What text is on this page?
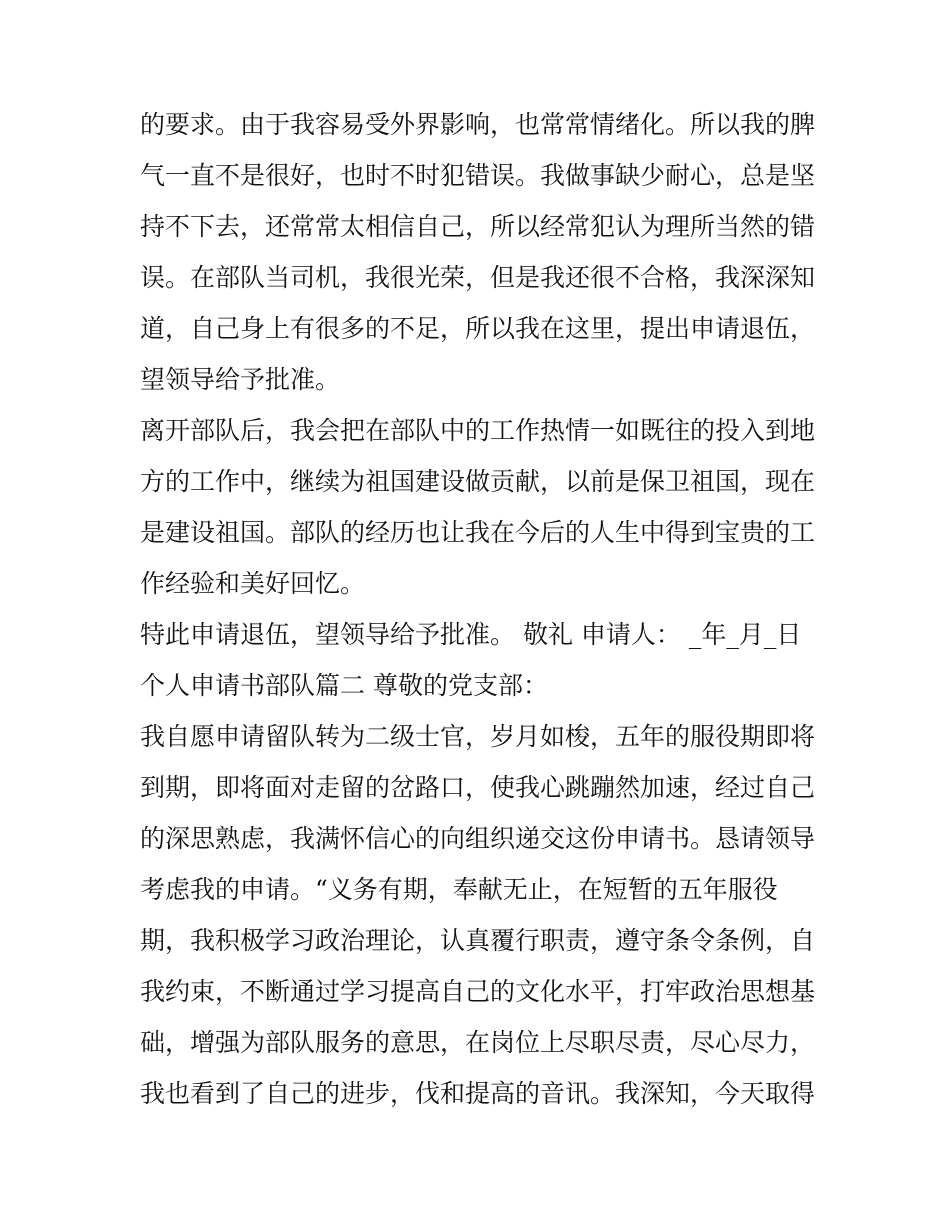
的要求。由于我容易受外界影响，也常常情绪化。所以我的脾
气一直不是很好，也时不时犯错误。我做事缺少耐心，总是坚
持不下去，还常常太相信自己，所以经常犯认为理所当然的错
误。在部队当司机，我很光荣，但是我还很不合格，我深深知
道，自己身上有很多的不足，所以我在这里，提出申请退伍，
望领导给予批准。
离开部队后，我会把在部队中的工作热情一如既往的投入到地
方的工作中，继续为祖国建设做贡献，以前是保卫祖国，现在
是建设祖国。部队的经历也让我在今后的人生中得到宝贵的工
作经验和美好回忆。
特此申请退伍，望领导给予批准。 敬礼 申请人： _年_月_日
个人申请书部队篇二 尊敬的党支部：
我自愿申请留队转为二级士官，岁月如梭，五年的服役期即将
到期，即将面对走留的岔路口，使我心跳蹦然加速，经过自己
的深思熟虑，我满怀信心的向组织递交这份申请书。恳请领导
考虑我的申请。“义务有期，奉献无止，在短暂的五年服役
期，我积极学习政治理论，认真覆行职责，遵守条令条例，自
我约束，不断通过学习提高自己的文化水平，打牢政治思想基
础，增强为部队服务的意思，在岗位上尽职尽责，尽心尽力，
我也看到了自己的进步，伐和提高的音讯。我深知，今天取得
